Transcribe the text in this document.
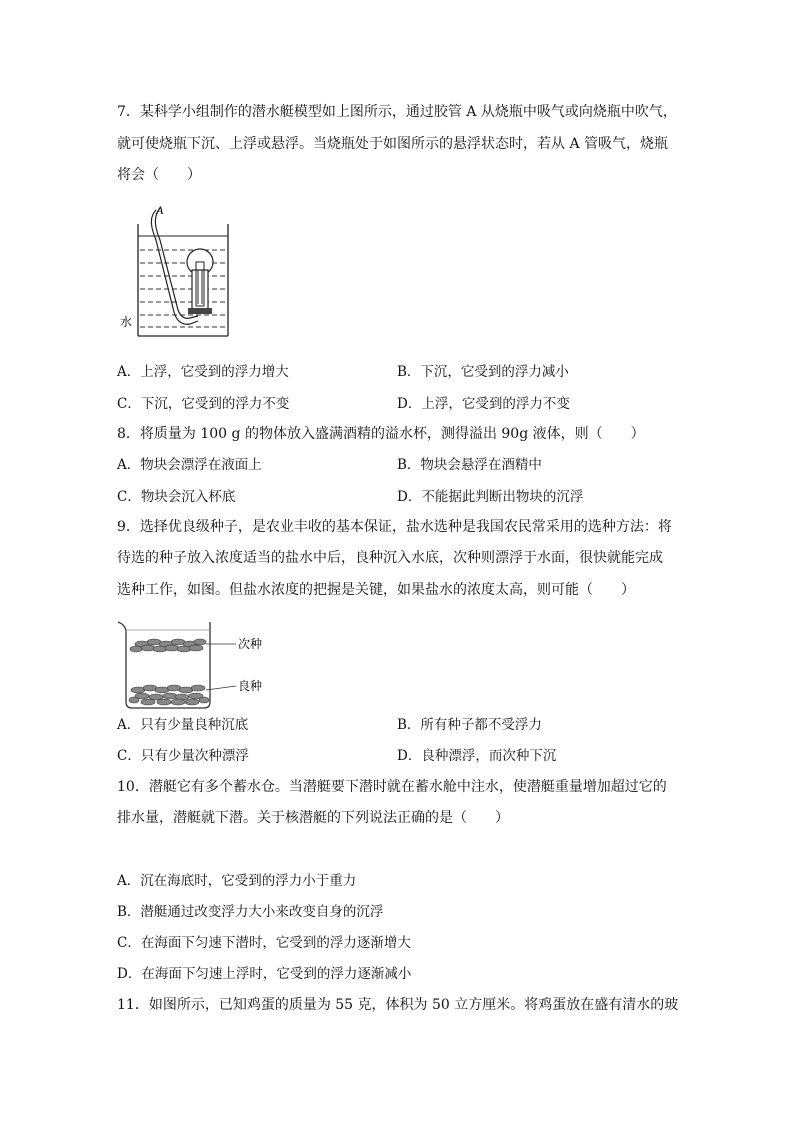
7．某科学小组制作的潜水艇模型如上图所示，通过胶管 A 从烧瓶中吸气或向烧瓶中吹气，
就可使烧瓶下沉、上浮或悬浮。当烧瓶处于如图所示的悬浮状态时，若从 A 管吸气，烧瓶
将会（　　）
A
水
A．上浮，它受到的浮力增大	B．下沉，它受到的浮力减小
C．下沉，它受到的浮力不变	D．上浮，它受到的浮力不变
8．将质量为 100 g 的物体放入盛满酒精的溢水杯，测得溢出 90g 液体，则（　　）
A．物块会漂浮在液面上	B．物块会悬浮在酒精中
C．物块会沉入杯底	D．不能据此判断出物块的沉浮
9．选择优良级种子，是农业丰收的基本保证，盐水选种是我国农民常采用的选种方法：将
待选的种子放入浓度适当的盐水中后，良种沉入水底，次种则漂浮于水面，很快就能完成
选种工作，如图。但盐水浓度的把握是关键，如果盐水的浓度太高，则可能（　　）
次种
良种
A．只有少量良种沉底	B．所有种子都不受浮力
C．只有少量次种漂浮	D．良种漂浮，而次种下沉
10．潜艇它有多个蓄水仓。当潜艇要下潜时就在蓄水舱中注水，使潜艇重量增加超过它的
排水量，潜艇就下潜。关于核潜艇的下列说法正确的是（　　）
A．沉在海底时，它受到的浮力小于重力
B．潜艇通过改变浮力大小来改变自身的沉浮
C．在海面下匀速下潜时，它受到的浮力逐渐增大
D．在海面下匀速上浮时，它受到的浮力逐渐减小
11．如图所示，已知鸡蛋的质量为 55 克，体积为 50 立方厘米。将鸡蛋放在盛有清水的玻
